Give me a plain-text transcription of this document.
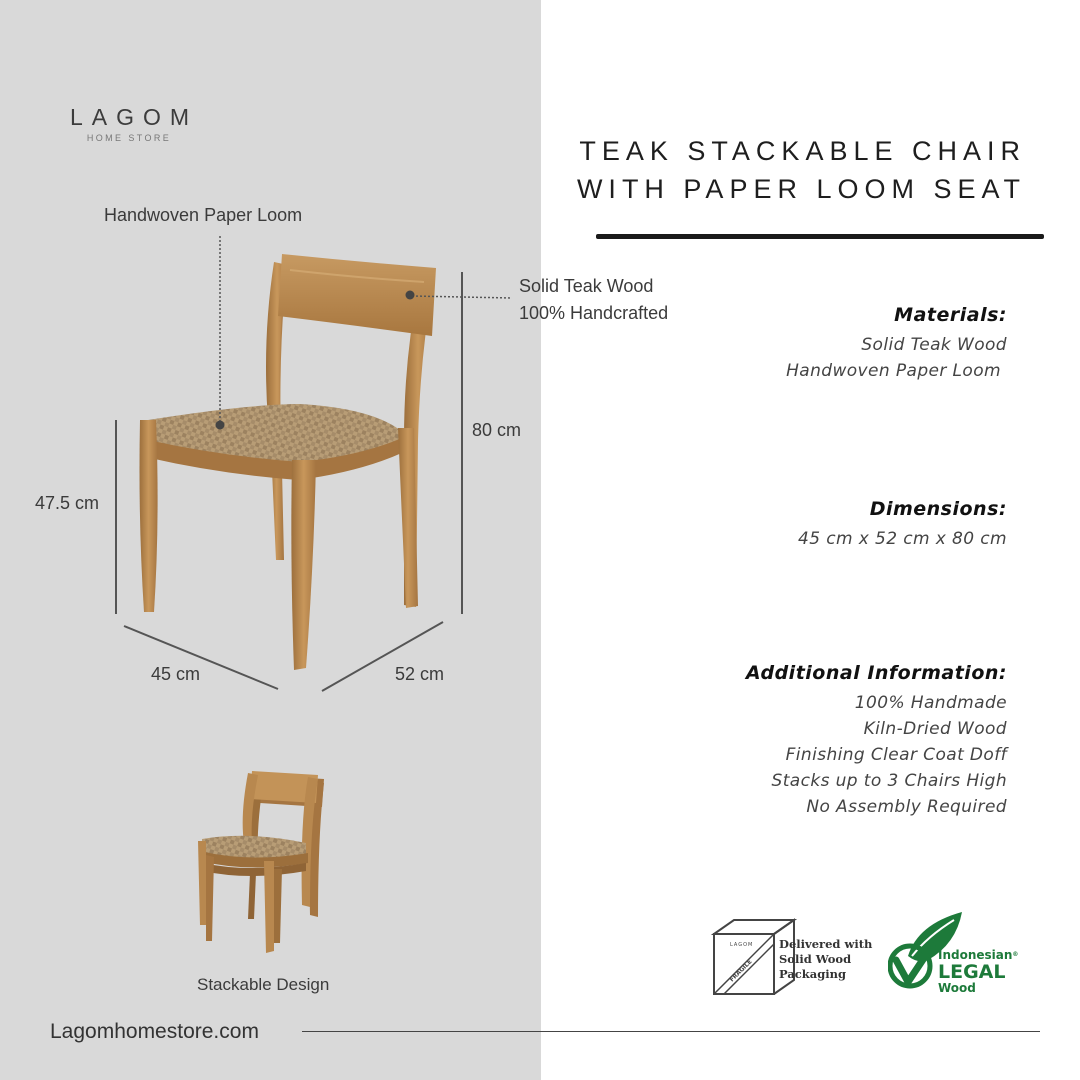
LAGOM
HOME STORE
Handwoven Paper Loom
Solid Teak Wood
100% Handcrafted
47.5 cm
80 cm
45 cm	52 cm
Stackable Design
TEAK STACKABLE CHAIR
WITH PAPER LOOM SEAT
Materials:
Solid Teak Wood
Handwoven Paper Loom
Dimensions:
45 cm x 52 cm x 80 cm
Additional Information:
100% Handmade
Kiln-Dried Wood
Finishing Clear Coat Doff
Stacks up to 3 Chairs High
No Assembly Required
LAGOM
FRAGILE
Delivered with
Solid Wood
Packaging
Indonesian®
LEGAL
Wood
Lagomhomestore.com
